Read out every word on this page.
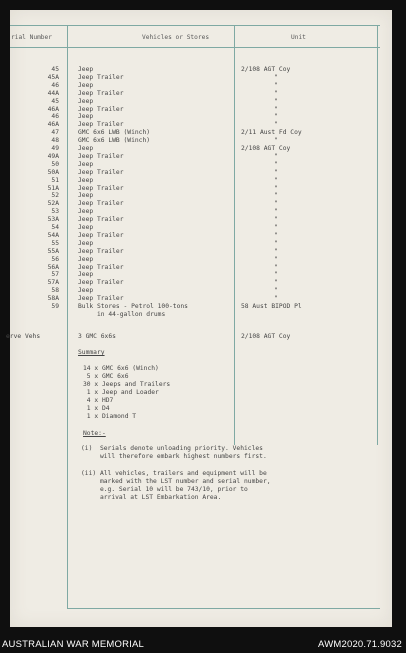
rial Number	Vehicles or Stores	Unit
45	Jeep	2/108 AGT Coy
45A	Jeep Trailer	"
46	Jeep	"
44A	Jeep Trailer	"
45	Jeep	"
46A	Jeep Trailer	"
46	Jeep	"
46A	Jeep Trailer	"
47	GMC 6x6 LWB (Winch)	2/11 Aust Fd Coy
48	GMC 6x6 LWB (Winch)	"
49	Jeep	2/108 AGT Coy
49A	Jeep Trailer	"
50	Jeep	"
50A	Jeep Trailer	"
51	Jeep	"
51A	Jeep Trailer	"
52	Jeep	"
52A	Jeep Trailer	"
53	Jeep	"
53A	Jeep Trailer	"
54	Jeep	"
54A	Jeep Trailer	"
55	Jeep	"
55A	Jeep Trailer	"
56	Jeep	"
56A	Jeep Trailer	"
57	Jeep	"
57A	Jeep Trailer	"
58	Jeep	"
58A	Jeep Trailer	"
59	Bulk Stores - Petrol 100-tons	58 Aust BIPOD Pl
in 44-gallon drums
erve Vehs	3 GMC 6x6s	2/108 AGT Coy
Summary
14 x GMC 6x6 (Winch)
5 x GMC 6x6
30 x Jeeps and Trailers
1 x Jeep and Loader
4 x HD7
1 x D4
1 x Diamond T
Note:-
(i)  Serials denote unloading priority. Vehicles
will therefore embark highest numbers first.
(ii) All vehicles, trailers and equipment will be
marked with the LST number and serial number,
e.g. Serial 10 will be 743/10, prior to
arrival at LST Embarkation Area.
AUSTRALIAN WAR MEMORIAL	AWM2020.71.9032
